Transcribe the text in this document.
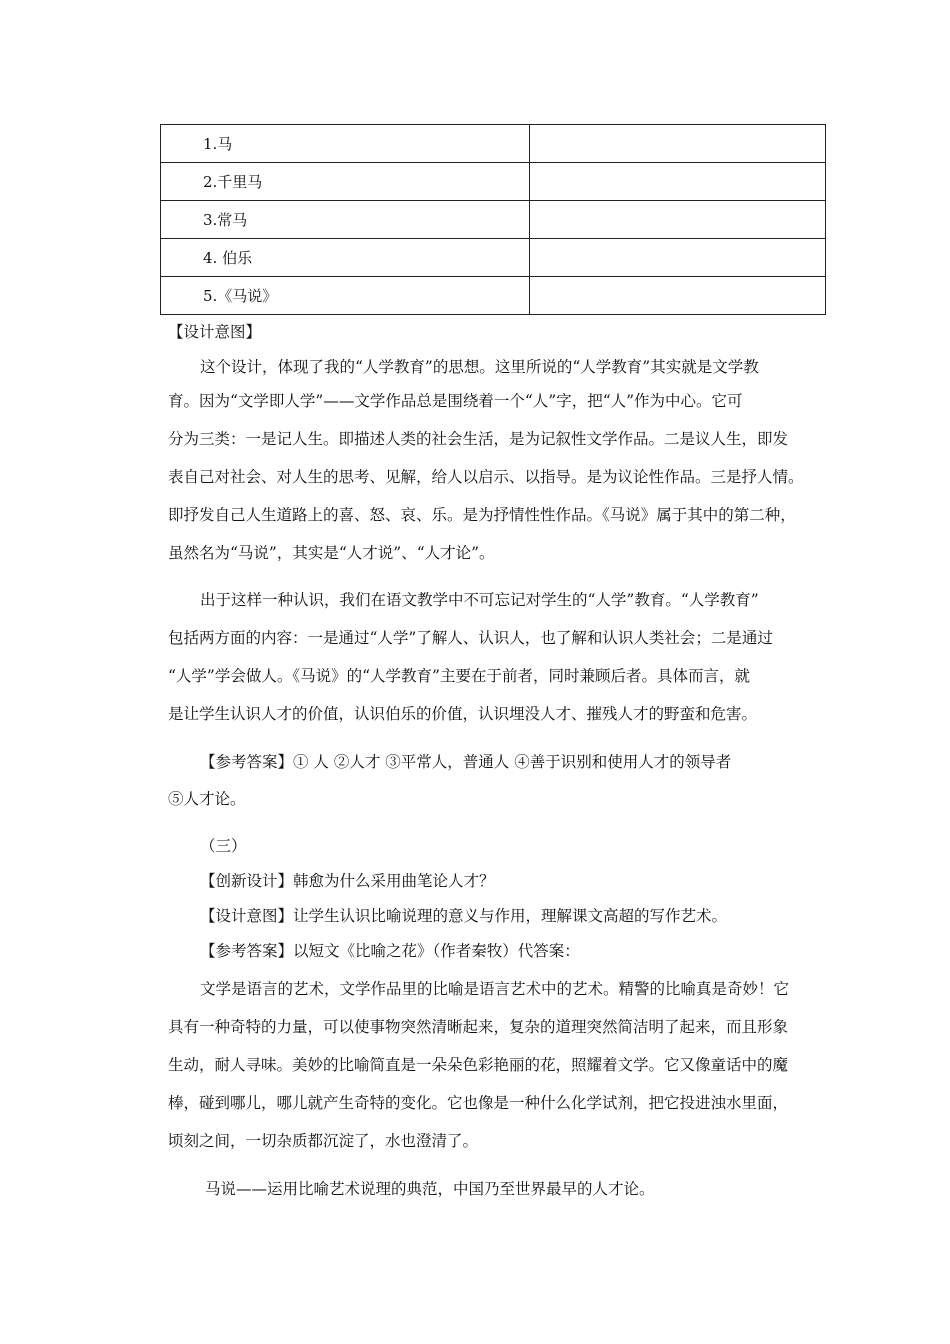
1.马	
2.千里马	
3.常马	
4. 伯乐	
5.《马说》	
【设计意图】
这个设计，体现了我的“人学教育”的思想。这里所说的“人学教育”其实就是文学教
育。因为“文学即人学”——文学作品总是围绕着一个“人”字，把“人”作为中心。它可
分为三类：一是记人生。即描述人类的社会生活，是为记叙性文学作品。二是议人生，即发
表自己对社会、对人生的思考、见解，给人以启示、以指导。是为议论性作品。三是抒人情。
即抒发自己人生道路上的喜、怒、哀、乐。是为抒情性性作品。《马说》属于其中的第二种，
虽然名为“马说”，其实是“人才说”、“人才论”。
出于这样一种认识，我们在语文教学中不可忘记对学生的“人学”教育。“人学教育”
包括两方面的内容：一是通过“人学”了解人、认识人，也了解和认识人类社会；二是通过
“人学”学会做人。《马说》的“人学教育”主要在于前者，同时兼顾后者。具体而言，就
是让学生认识人才的价值，认识伯乐的价值，认识埋没人才、摧残人才的野蛮和危害。
【参考答案】① 人 ②人才 ③平常人，普通人 ④善于识别和使用人才的领导者
⑤人才论。
（三）
【创新设计】韩愈为什么采用曲笔论人才？
【设计意图】让学生认识比喻说理的意义与作用，理解课文高超的写作艺术。
【参考答案】以短文《比喻之花》（作者秦牧）代答案：
文学是语言的艺术，文学作品里的比喻是语言艺术中的艺术。精警的比喻真是奇妙！它
具有一种奇特的力量，可以使事物突然清晰起来，复杂的道理突然简洁明了起来，而且形象
生动，耐人寻味。美妙的比喻简直是一朵朵色彩艳丽的花，照耀着文学。它又像童话中的魔
棒，碰到哪儿，哪儿就产生奇特的变化。它也像是一种什么化学试剂，把它投进浊水里面，
顷刻之间，一切杂质都沉淀了，水也澄清了。
马说——运用比喻艺术说理的典范，中国乃至世界最早的人才论。
